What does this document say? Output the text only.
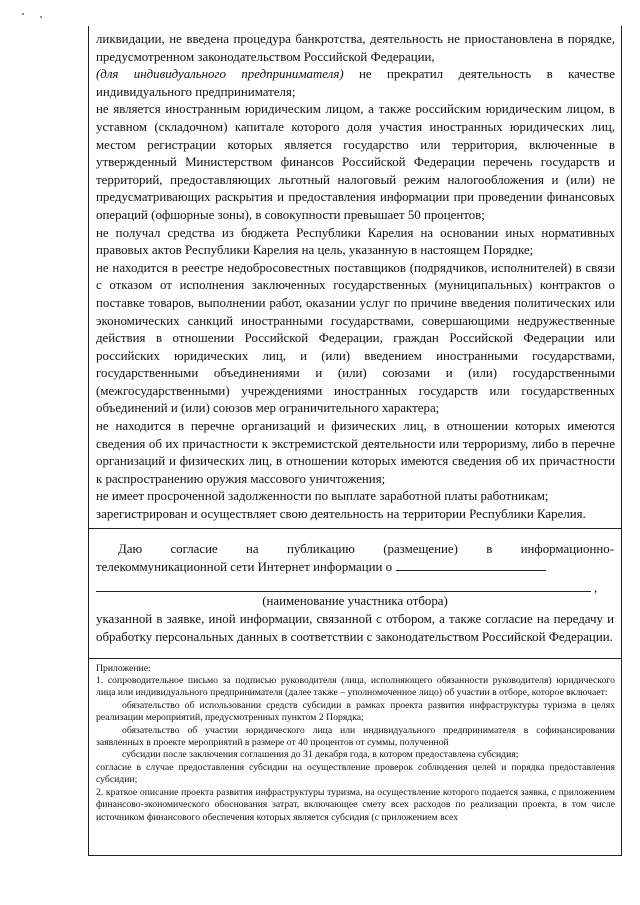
ликвидации, не введена процедура банкротства, деятельность не приостановлена в порядке, предусмотренном законодательством Российской Федерации,

(для индивидуального предпринимателя) не прекратил деятельность в качестве индивидуального предпринимателя;

не является иностранным юридическим лицом, а также российским юридическим лицом, в уставном (складочном) капитале которого доля участия иностранных юридических лиц, местом регистрации которых является государство или территория, включенные в утвержденный Министерством финансов Российской Федерации перечень государств и территорий, предоставляющих льготный налоговый режим налогообложения и (или) не предусматривающих раскрытия и предоставления информации при проведении финансовых операций (офшорные зоны), в совокупности превышает 50 процентов;

не получал средства из бюджета Республики Карелия на основании иных нормативных правовых актов Республики Карелия на цель, указанную в настоящем Порядке;

не находится в реестре недобросовестных поставщиков (подрядчиков, исполнителей) в связи с отказом от исполнения заключенных государственных (муниципальных) контрактов о поставке товаров, выполнении работ, оказании услуг по причине введения политических или экономических санкций иностранными государствами, совершающими недружественные действия в отношении Российской Федерации, граждан Российской Федерации или российских юридических лиц, и (или) введением иностранными государствами, государственными объединениями и (или) союзами и (или) государственными (межгосударственными) учреждениями иностранных государств или государственных объединений и (или) союзов мер ограничительного характера;

не находится в перечне организаций и физических лиц, в отношении которых имеются сведения об их причастности к экстремистской деятельности или терроризму, либо в перечне организаций и физических лиц, в отношении которых имеются сведения об их причастности к распространению оружия массового уничтожения;

не имеет просроченной задолженности по выплате заработной платы работникам;

зарегистрирован и осуществляет свою деятельность на территории Республики Карелия.

Даю согласие на публикацию (размещение) в информационно-

телекоммуникационной сети Интернет информации о

,

(наименование участника отбора)

указанной в заявке, иной информации, связанной с отбором, а также согласие на передачу и обработку персональных данных в соответствии с законодательством Российской Федерации.

Приложение:

1. сопроводительное письмо за подписью руководителя (лица, исполняющего обязанности руководителя) юридического лица или индивидуального предпринимателя (далее также – уполномоченное лицо) об участии в отборе, которое включает:

обязательство об использовании средств субсидии в рамках проекта развития инфраструктуры туризма в целях реализации мероприятий, предусмотренных пунктом 2 Порядка;

обязательство об участии юридического лица или индивидуального предпринимателя в софинансировании заявленных в проекте мероприятий в размере от 40 процентов от суммы, полученной

субсидии после заключения соглашения до 31 декабря года, в котором предоставлена субсидия;

согласие в случае предоставления субсидии на осуществление проверок соблюдения целей и порядка предоставления субсидии;

2. краткое описание проекта развития инфраструктуры туризма, на осуществление которого подается заявка, с приложением финансово-экономического обоснования затрат, включающее смету всех расходов по реализации проекта, в том числе источником финансового обеспечения которых является субсидия (с приложением всех
